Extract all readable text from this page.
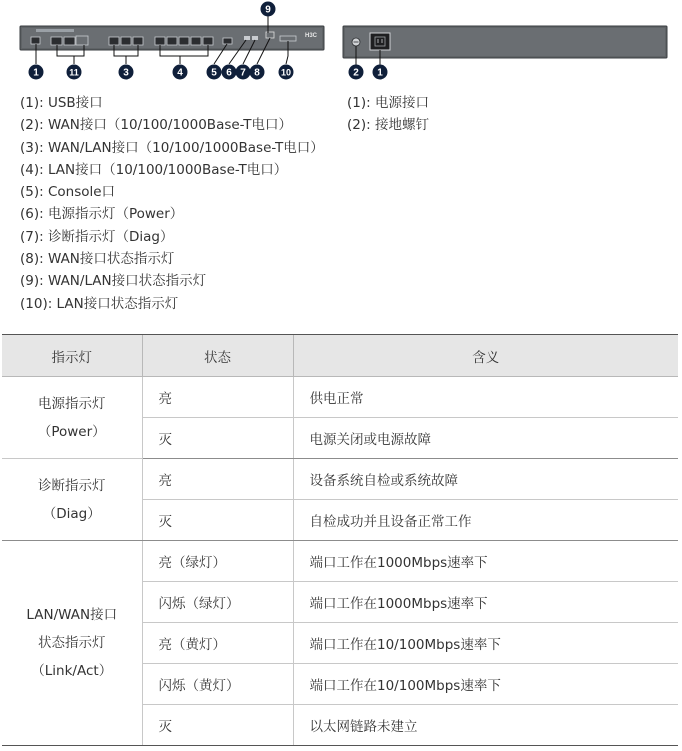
H3C
1	11	3	4	5 6 7 8
9
10	2 1
(1): USB接口
(2): WAN接口（10/100/1000Base-T电口）
(3): WAN/LAN接口（10/100/1000Base-T电口）
(4): LAN接口（10/100/1000Base-T电口）
(5): Console口
(6): 电源指示灯（Power）
(7): 诊断指示灯（Diag）
(8): WAN接口状态指示灯
(9): WAN/LAN接口状态指示灯
(10): LAN接口状态指示灯
(1): 电源接口
(2): 接地螺钉
指示灯	状态	含义

电源指示灯
（Power）	亮	供电正常
	灭	电源关闭或电源故障

诊断指示灯
（Diag）	亮	设备系统自检或系统故障
	灭	自检成功并且设备正常工作

LAN/WAN接口
状态指示灯
（Link/Act）	亮（绿灯）	端口工作在1000Mbps速率下
	闪烁（绿灯）	端口工作在1000Mbps速率下
	亮（黄灯）	端口工作在10/100Mbps速率下
	闪烁（黄灯）	端口工作在10/100Mbps速率下
	灭	以太网链路未建立
